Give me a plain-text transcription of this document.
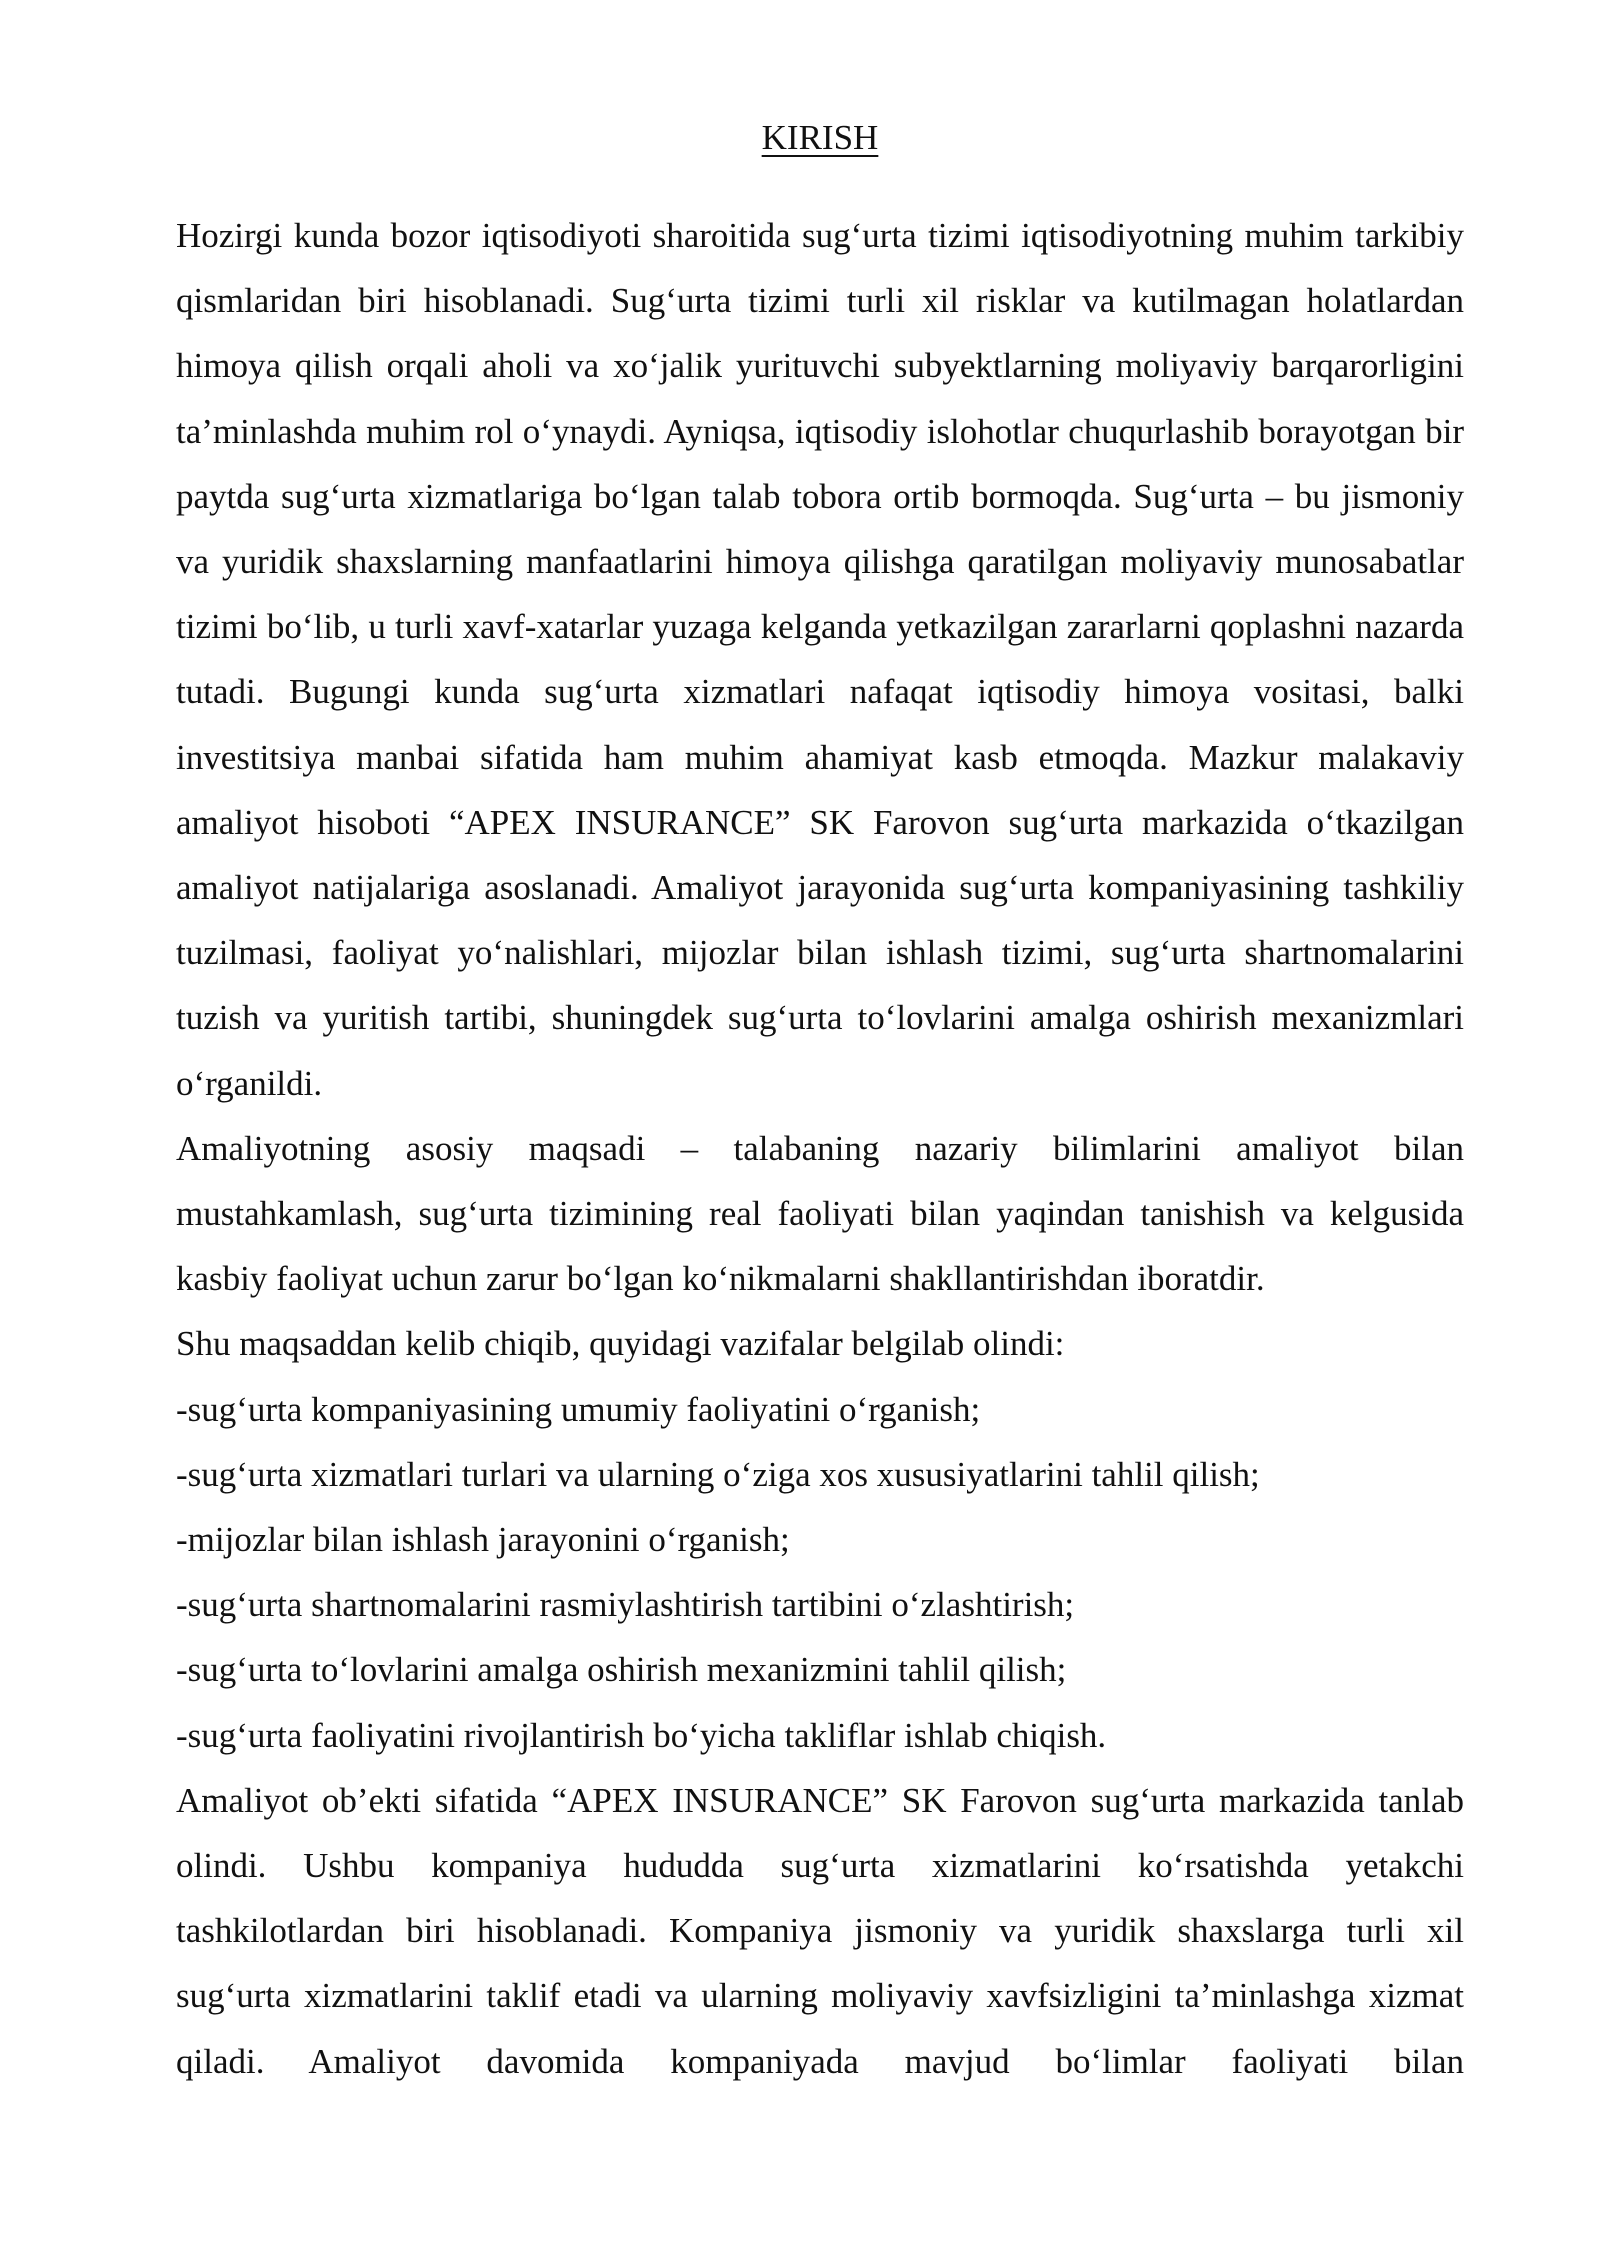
KIRISH

Hozirgi kunda bozor iqtisodiyoti sharoitida sug‘urta tizimi iqtisodiyotning muhim tarkibiy qismlaridan biri hisoblanadi. Sug‘urta tizimi turli xil risklar va kutilmagan holatlardan himoya qilish orqali aholi va xo‘jalik yurituvchi subyektlarning moliyaviy barqarorligini ta’minlashda muhim rol o‘ynaydi. Ayniqsa, iqtisodiy islohotlar chuqurlashib borayotgan bir paytda sug‘urta xizmatlariga bo‘lgan talab tobora ortib bormoqda. Sug‘urta – bu jismoniy va yuridik shaxslarning manfaatlarini himoya qilishga qaratilgan moliyaviy munosabatlar tizimi bo‘lib, u turli xavf-xatarlar yuzaga kelganda yetkazilgan zararlarni qoplashni nazarda tutadi. Bugungi kunda sug‘urta xizmatlari nafaqat iqtisodiy himoya vositasi, balki investitsiya manbai sifatida ham muhim ahamiyat kasb etmoqda. Mazkur malakaviy amaliyot hisoboti “APEX INSURANCE” SK Farovon sug‘urta markazida o‘tkazilgan amaliyot natijalariga asoslanadi. Amaliyot jarayonida sug‘urta kompaniyasining tashkiliy tuzilmasi, faoliyat yo‘nalishlari, mijozlar bilan ishlash tizimi, sug‘urta shartnomalarini tuzish va yuritish tartibi, shuningdek sug‘urta to‘lovlarini amalga oshirish mexanizmlari o‘rganildi.

Amaliyotning asosiy maqsadi – talabaning nazariy bilimlarini amaliyot bilan mustahkamlash, sug‘urta tizimining real faoliyati bilan yaqindan tanishish va kelgusida kasbiy faoliyat uchun zarur bo‘lgan ko‘nikmalarni shakllantirishdan iboratdir.

Shu maqsaddan kelib chiqib, quyidagi vazifalar belgilab olindi:

-sug‘urta kompaniyasining umumiy faoliyatini o‘rganish;
-sug‘urta xizmatlari turlari va ularning o‘ziga xos xususiyatlarini tahlil qilish;
-mijozlar bilan ishlash jarayonini o‘rganish;
-sug‘urta shartnomalarini rasmiylashtirish tartibini o‘zlashtirish;
-sug‘urta to‘lovlarini amalga oshirish mexanizmini tahlil qilish;
-sug‘urta faoliyatini rivojlantirish bo‘yicha takliflar ishlab chiqish.

Amaliyot ob’ekti sifatida “APEX INSURANCE” SK Farovon sug‘urta markazida tanlab olindi. Ushbu kompaniya hududda sug‘urta xizmatlarini ko‘rsatishda yetakchi tashkilotlardan biri hisoblanadi. Kompaniya jismoniy va yuridik shaxslarga turli xil sug‘urta xizmatlarini taklif etadi va ularning moliyaviy xavfsizligini ta’minlashga xizmat qiladi. Amaliyot davomida kompaniyada mavjud bo‘limlar faoliyati bilan
